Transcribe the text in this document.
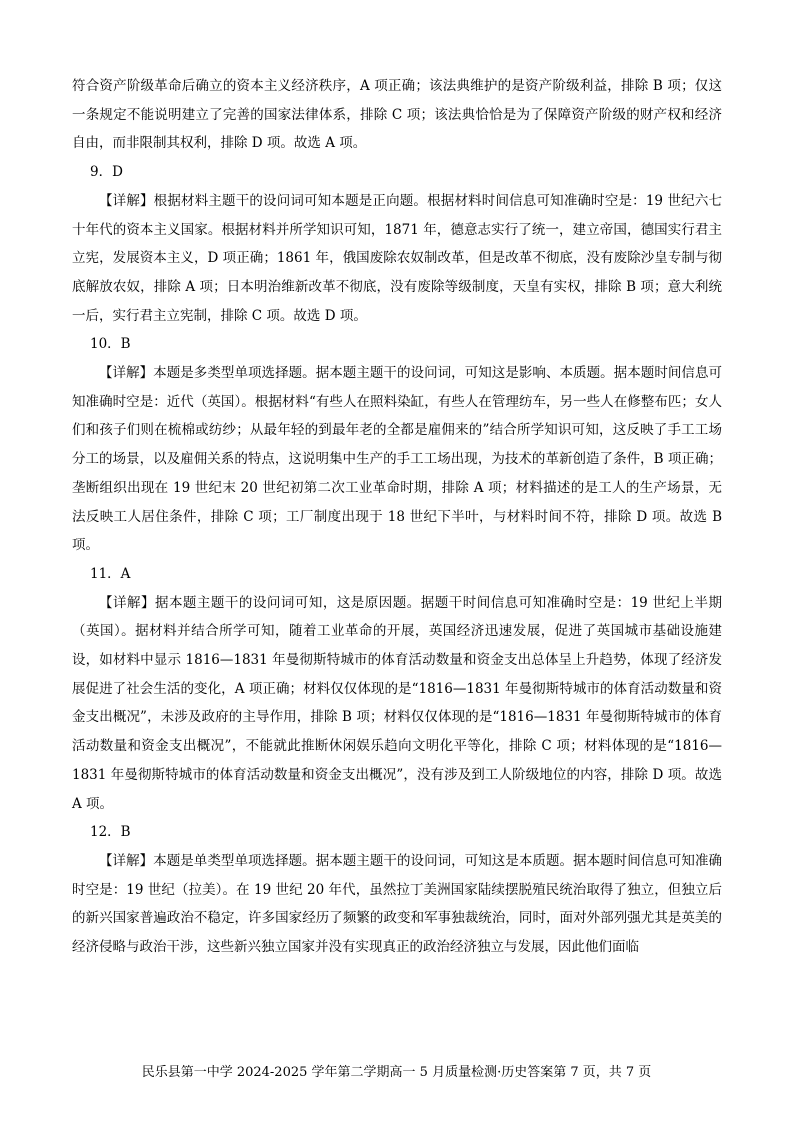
符合资产阶级革命后确立的资本主义经济秩序，A 项正确；该法典维护的是资产阶级利益，排除 B 项；仅这一条规定不能说明建立了完善的国家法律体系，排除 C 项；该法典恰恰是为了保障资产阶级的财产权和经济自由，而非限制其权利，排除 D 项。故选 A 项。

9．D

【详解】根据材料主题干的设问词可知本题是正向题。根据材料时间信息可知准确时空是：19 世纪六七十年代的资本主义国家。根据材料并所学知识可知，1871 年，德意志实行了统一，建立帝国，德国实行君主立宪，发展资本主义，D 项正确；1861 年，俄国废除农奴制改革，但是改革不彻底，没有废除沙皇专制与彻底解放农奴，排除 A 项；日本明治维新改革不彻底，没有废除等级制度，天皇有实权，排除 B 项；意大利统一后，实行君主立宪制，排除 C 项。故选 D 项。

10．B

【详解】本题是多类型单项选择题。据本题主题干的设问词，可知这是影响、本质题。据本题时间信息可知准确时空是：近代（英国）。根据材料“有些人在照料染缸，有些人在管理纺车，另一些人在修整布匹；女人们和孩子们则在梳棉或纺纱；从最年轻的到最年老的全都是雇佣来的”结合所学知识可知，这反映了手工工场分工的场景，以及雇佣关系的特点，这说明集中生产的手工工场出现，为技术的革新创造了条件，B 项正确；垄断组织出现在 19 世纪末 20 世纪初第二次工业革命时期，排除 A 项；材料描述的是工人的生产场景，无法反映工人居住条件，排除 C 项；工厂制度出现于 18 世纪下半叶，与材料时间不符，排除 D 项。故选 B 项。

11．A

【详解】据本题主题干的设问词可知，这是原因题。据题干时间信息可知准确时空是：19 世纪上半期（英国）。据材料并结合所学可知，随着工业革命的开展，英国经济迅速发展，促进了英国城市基础设施建设，如材料中显示 1816—1831 年曼彻斯特城市的体育活动数量和资金支出总体呈上升趋势，体现了经济发展促进了社会生活的变化，A 项正确；材料仅仅体现的是“1816—1831 年曼彻斯特城市的体育活动数量和资金支出概况”，未涉及政府的主导作用，排除 B 项；材料仅仅体现的是“1816—1831 年曼彻斯特城市的体育活动数量和资金支出概况”，不能就此推断休闲娱乐趋向文明化平等化，排除 C 项；材料体现的是“1816—1831 年曼彻斯特城市的体育活动数量和资金支出概况”，没有涉及到工人阶级地位的内容，排除 D 项。故选 A 项。

12．B

【详解】本题是单类型单项选择题。据本题主题干的设问词，可知这是本质题。据本题时间信息可知准确时空是：19 世纪（拉美）。在 19 世纪 20 年代，虽然拉丁美洲国家陆续摆脱殖民统治取得了独立，但独立后的新兴国家普遍政治不稳定，许多国家经历了频繁的政变和军事独裁统治，同时，面对外部列强尤其是英美的经济侵略与政治干涉，这些新兴独立国家并没有实现真正的政治经济独立与发展，因此他们面临

民乐县第一中学 2024-2025 学年第二学期高一 5 月质量检测·历史答案第 7 页，共 7 页
